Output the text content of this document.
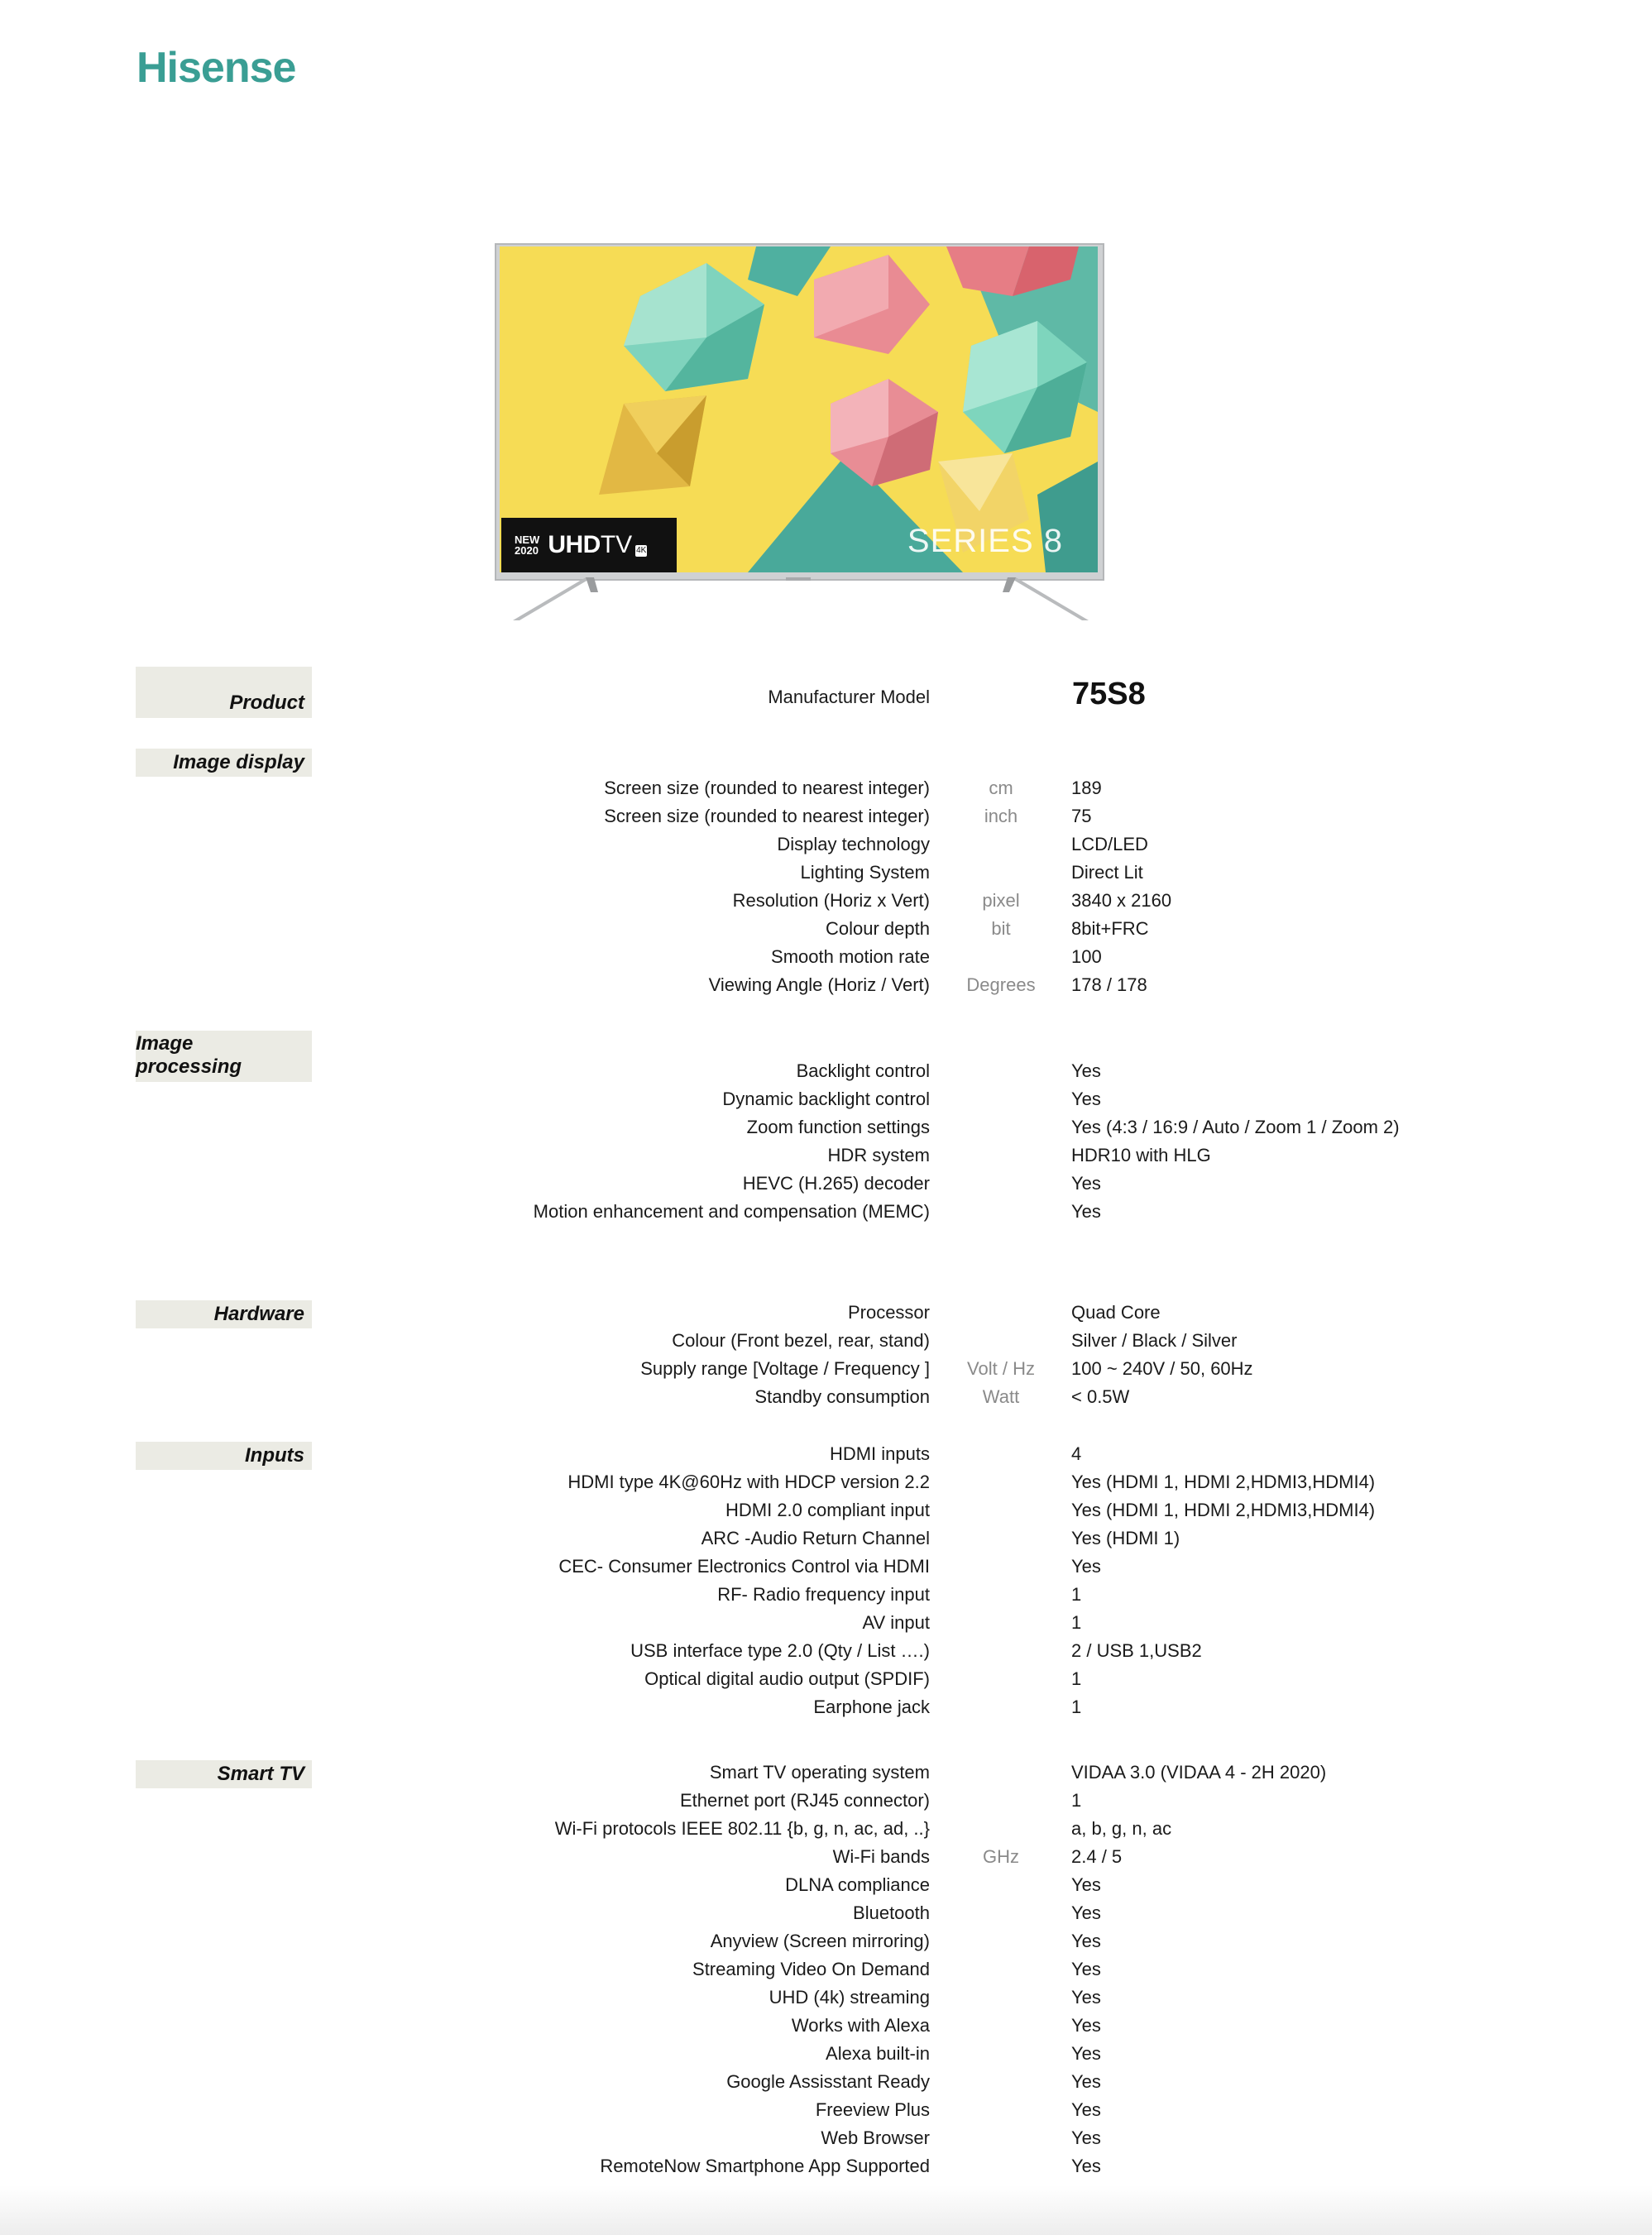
Hisense
NEW
2020 UHDTV 4K	SERIES 8
Product	Manufacturer Model	75S8
Image display
Screen size (rounded to nearest integer)	cm	189
Screen size (rounded to nearest integer)	inch	75
Display technology	LCD/LED
Lighting System	Direct Lit
Resolution (Horiz x Vert)	pixel	3840 x 2160
Colour depth	bit	8bit+FRC
Smooth motion rate	100
Viewing Angle (Horiz / Vert)	Degrees	178 / 178
Image processing	Backlight control	Yes
Dynamic backlight control	Yes
Zoom function settings	Yes (4:3 / 16:9 / Auto / Zoom 1 / Zoom 2)
HDR system	HDR10 with HLG
HEVC (H.265) decoder	Yes
Motion enhancement and compensation (MEMC)	Yes
Hardware	Processor	Quad Core
Colour (Front bezel, rear, stand)	Silver / Black / Silver
Supply range [Voltage / Frequency ]	Volt / Hz	100 ~ 240V / 50, 60Hz
Standby consumption	Watt	< 0.5W
Inputs	HDMI inputs	4
HDMI type 4K@60Hz with HDCP version 2.2	Yes (HDMI 1, HDMI 2,HDMI3,HDMI4)
HDMI 2.0 compliant input	Yes (HDMI 1, HDMI 2,HDMI3,HDMI4)
ARC -Audio Return Channel	Yes (HDMI 1)
CEC- Consumer Electronics Control via HDMI	Yes
RF- Radio frequency input	1
AV input	1
USB interface type 2.0 (Qty / List ….)	2 / USB 1,USB2
Optical digital audio output (SPDIF)	1
Earphone jack	1
Smart TV	Smart TV operating system	VIDAA 3.0 (VIDAA 4 - 2H 2020)
Ethernet port (RJ45 connector)	1
Wi-Fi protocols IEEE 802.11 {b, g, n, ac, ad, ..}	a, b, g, n, ac
Wi-Fi bands	GHz	2.4 / 5
DLNA compliance	Yes
Bluetooth	Yes
Anyview (Screen mirroring)	Yes
Streaming Video On Demand	Yes
UHD (4k) streaming	Yes
Works with Alexa	Yes
Alexa built-in	Yes
Google Assisstant Ready	Yes
Freeview Plus	Yes
Web Browser	Yes
RemoteNow Smartphone App Supported	Yes
